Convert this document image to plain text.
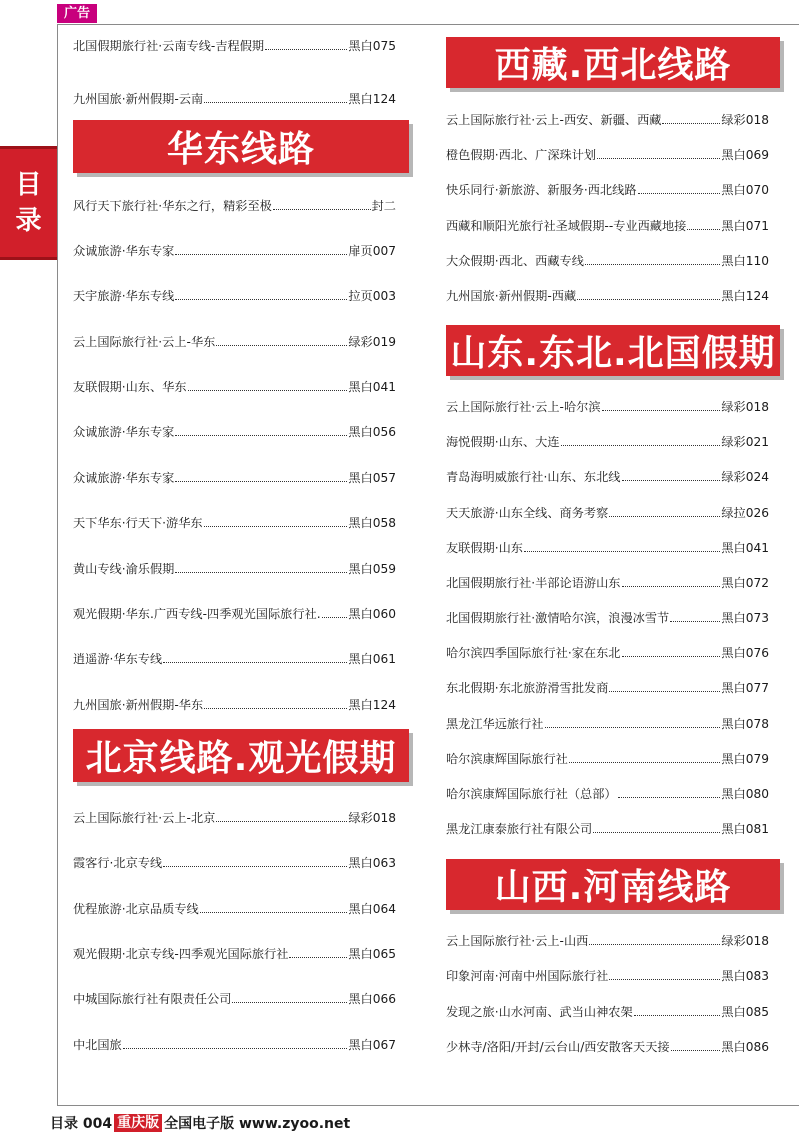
广告
目
录
北国假期旅行社·云南专线-吉程假期	黑白075
九州国旅·新州假期-云南	黑白124
华东线路
风行天下旅行社·华东之行，精彩至极	封二
众诚旅游·华东专家	扉页007
天宇旅游·华东专线	拉页003
云上国际旅行社·云上-华东	绿彩019
友联假期·山东、华东	黑白041
众诚旅游·华东专家	黑白056
众诚旅游·华东专家	黑白057
天下华东·行天下·游华东	黑白058
黄山专线·渝乐假期	黑白059
观光假期·华东.广西专线-四季观光国际旅行社. 黑白060
逍遥游·华东专线	黑白061
九州国旅·新州假期-华东	黑白124
北京线路.观光假期
云上国际旅行社·云上-北京	绿彩018
霞客行·北京专线	黑白063
优程旅游·北京品质专线	黑白064
观光假期·北京专线-四季观光国际旅行社	黑白065
中城国际旅行社有限责任公司	黑白066
中北国旅	黑白067
西藏.西北线路
云上国际旅行社·云上-西安、新疆、西藏	绿彩018
橙色假期·西北、广深珠计划	黑白069
快乐同行·新旅游、新服务·西北线路	黑白070
西藏和顺阳光旅行社圣域假期--专业西藏地接	黑白071
大众假期·西北、西藏专线	黑白110
九州国旅·新州假期-西藏	黑白124
山东.东北.北国假期
云上国际旅行社·云上-哈尔滨	绿彩018
海悦假期·山东、大连	绿彩021
青岛海明威旅行社·山东、东北线	绿彩024
天天旅游·山东全线、商务考察	绿拉026
友联假期·山东	黑白041
北国假期旅行社·半部论语游山东	黑白072
北国假期旅行社·激情哈尔滨，浪漫冰雪节	黑白073
哈尔滨四季国际旅行社·家在东北	黑白076
东北假期·东北旅游滑雪批发商	黑白077
黑龙江华远旅行社	黑白078
哈尔滨康辉国际旅行社	黑白079
哈尔滨康辉国际旅行社（总部）	黑白080
黑龙江康泰旅行社有限公司	黑白081
山西.河南线路
云上国际旅行社·云上-山西	绿彩018
印象河南·河南中州国际旅行社	黑白083
发现之旅·山水河南、武当山神农架	黑白085
少林寺/洛阳/开封/云台山/西安散客天天接	黑白086
目录 004 重庆版 全国电子版 www.zyoo.net
